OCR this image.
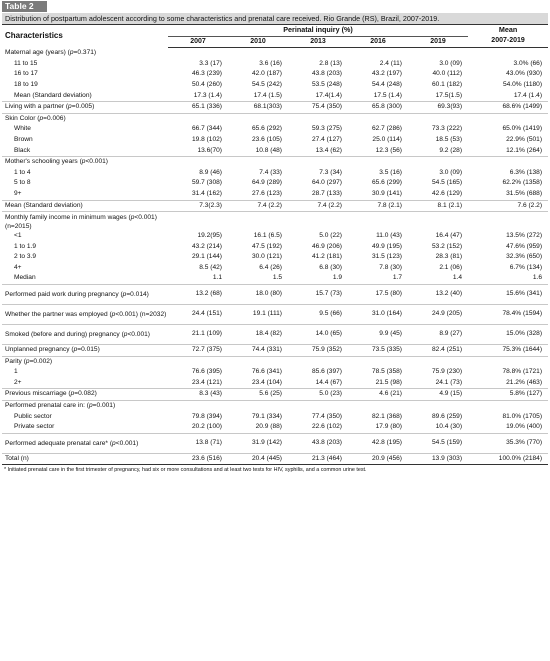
Table 2
Distribution of postpartum adolescent according to some characteristics and prenatal care received. Rio Grande (RS), Brazil, 2007-2019.
Characteristics	Perinatal inquiry (%)					Mean
	2007	2010	2013	2016	2019	2007-2019
Maternal age (years) (p=0.371)						
11 to 15	3.3 (17)	3.6 (16)	2.8 (13)	2.4 (11)	3.0 (09)	3.0% (66)
16 to 17	46.3 (239)	42.0 (187)	43.8 (203)	43.2 (197)	40.0 (112)	43.0% (930)
18 to 19	50.4 (260)	54.5 (242)	53.5 (248)	54.4 (248)	60.1 (182)	54.0% (1180)
Mean (Standard deviation)	17.3 (1.4)	17.4 (1.5)	17.4(1.4)	17.5 (1.4)	17.5(1.5)	17.4 (1.4)
Living with a partner (p=0.005)	65.1 (336)	68.1(303)	75.4 (350)	65.8 (300)	69.3(93)	68.6% (1499)
Skin Color (p=0.006)						
White	66.7 (344)	65.6 (292)	59.3 (275)	62.7 (286)	73.3 (222)	65.0% (1419)
Brown	19.8 (102)	23.6 (105)	27.4 (127)	25.0 (114)	18.5 (53)	22.9% (501)
Black	13.6(70)	10.8 (48)	13.4 (62)	12.3 (56)	9.2 (28)	12.1% (264)
Mother's schooling years (p<0.001)						
1 to 4	8.9 (46)	7.4 (33)	7.3 (34)	3.5 (16)	3.0 (09)	6.3% (138)
5 to 8	59.7 (308)	64.9 (289)	64.0 (297)	65.6 (299)	54.5 (165)	62.2% (1358)
9+	31.4 (162)	27.6 (123)	28.7 (133)	30.9 (141)	42.6 (129)	31.5% (688)
Mean (Standard deviation)	7.3(2.3)	7.4 (2.2)	7.4 (2.2)	7.8 (2.1)	8.1 (2.1)	7.6 (2.2)
Monthly family income in minimum wages (p<0.001) (n=2015)						
<1	19.2(95)	16.1 (6.5)	5.0 (22)	11.0 (43)	16.4 (47)	13.5% (272)
1 to 1.9	43.2 (214)	47.5 (192)	46.9 (206)	49.9 (195)	53.2 (152)	47.6% (959)
2 to 3.9	29.1 (144)	30.0 (121)	41.2 (181)	31.5 (123)	28.3 (81)	32.3% (650)
4+	8.5 (42)	6.4 (26)	6.8 (30)	7.8 (30)	2.1 (06)	6.7% (134)
Median	1.1	1.5	1.9	1.7	1.4	1.6
Performed paid work during pregnancy (p=0.014)	13.2 (68)	18.0 (80)	15.7 (73)	17.5 (80)	13.2 (40)	15.6% (341)
Whether the partner was employed (p<0.001) (n=2032)	24.4 (151)	19.1 (111)	9.5 (66)	31.0 (164)	24.9 (205)	78.4% (1594)
Smoked (before and during) pregnancy (p<0.001)	21.1 (109)	18.4 (82)	14.0 (65)	9.9 (45)	8.9 (27)	15.0% (328)
Unplanned pregnancy (p=0.015)	72.7 (375)	74.4 (331)	75.9 (352)	73.5 (335)	82.4 (251)	75.3% (1644)
Parity (p=0.002)						
1	76.6 (395)	76.6 (341)	85.6 (397)	78.5 (358)	75.9 (230)	78.8% (1721)
2+	23.4 (121)	23.4 (104)	14.4 (67)	21.5 (98)	24.1 (73)	21.2% (463)
Previous miscarriage (p=0.082)	8.3 (43)	5.6 (25)	5.0 (23)	4.6 (21)	4.9 (15)	5.8% (127)
Performed prenatal care in: (p=0.001)						
Public sector	79.8 (394)	79.1 (334)	77.4 (350)	82.1 (368)	89.6 (259)	81.0% (1705)
Private sector	20.2 (100)	20.9 (88)	22.6 (102)	17.9 (80)	10.4 (30)	19.0% (400)
Performed adequate prenatal care* (p<0.001)	13.8 (71)	31.9 (142)	43.8 (203)	42.8 (195)	54.5 (159)	35.3% (770)
Total (n)	23.6 (516)	20.4 (445)	21.3 (464)	20.9 (456)	13.9 (303)	100.0% (2184)
* Initiated prenatal care in the first trimester of pregnancy, had six or more consultations and at least two tests for HIV, syphilis, and a common urine test.
